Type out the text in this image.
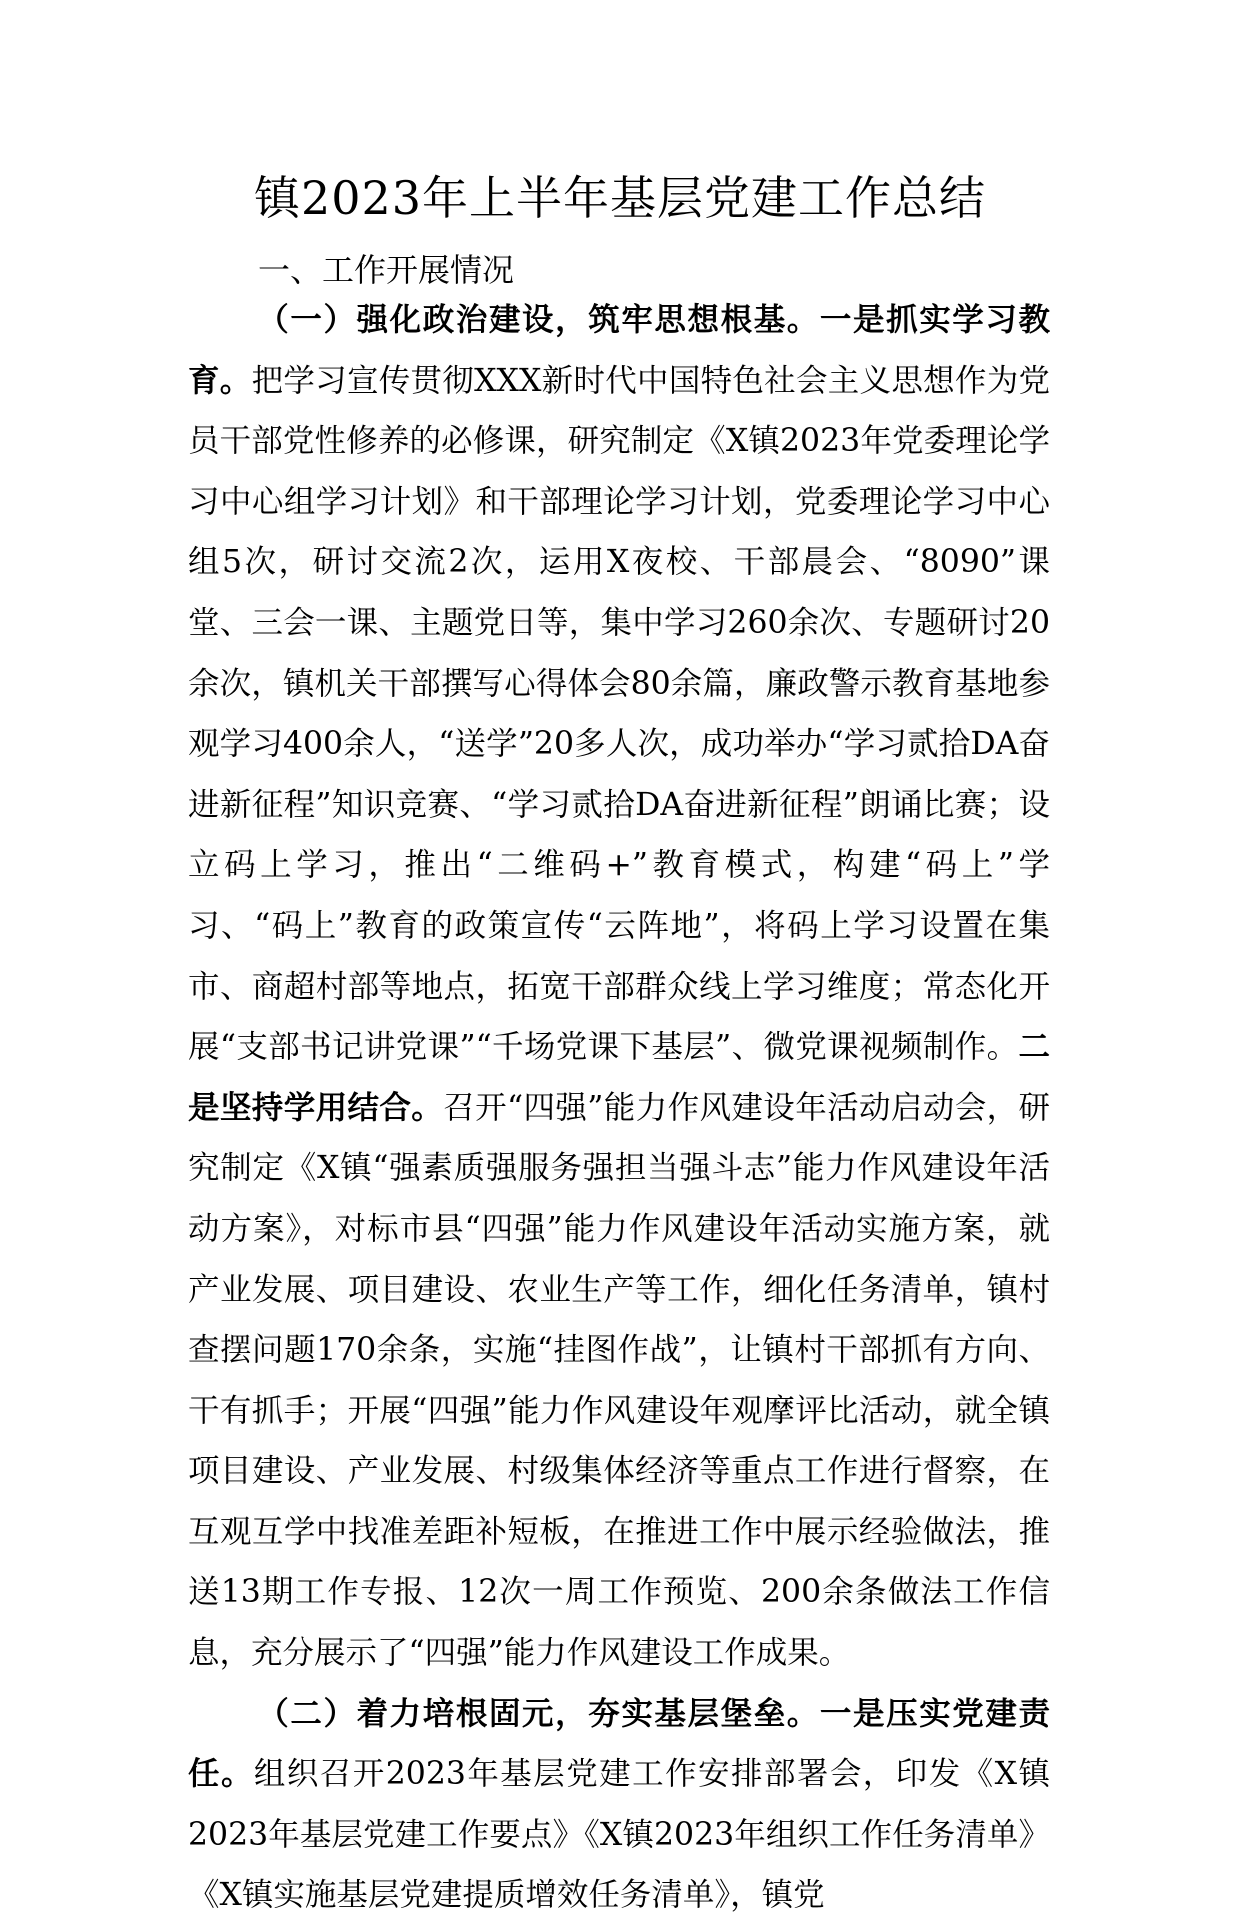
镇2023年上半年基层党建工作总结

一、工作开展情况

（一）强化政治建设，筑牢思想根基。一是抓实学习教育。把学习宣传贯彻XXX新时代中国特色社会主义思想作为党员干部党性修养的必修课，研究制定《X镇2023年党委理论学习中心组学习计划》和干部理论学习计划，党委理论学习中心组5次，研讨交流2次，运用X夜校、干部晨会、“8090”课堂、三会一课、主题党日等，集中学习260余次、专题研讨20余次，镇机关干部撰写心得体会80余篇，廉政警示教育基地参观学习400余人，“送学”20多人次，成功举办“学习贰拾DA奋进新征程”知识竞赛、“学习贰拾DA奋进新征程”朗诵比赛；设立码上学习，推出“二维码+”教育模式，构建“码上”学习、“码上”教育的政策宣传“云阵地”，将码上学习设置在集市、商超村部等地点，拓宽干部群众线上学习维度；常态化开展“支部书记讲党课”“千场党课下基层”、微党课视频制作。二是坚持学用结合。召开“四强”能力作风建设年活动启动会，研究制定《X镇“强素质强服务强担当强斗志”能力作风建设年活动方案》，对标市县“四强”能力作风建设年活动实施方案，就产业发展、项目建设、农业生产等工作，细化任务清单，镇村查摆问题170余条，实施“挂图作战”，让镇村干部抓有方向、干有抓手；开展“四强”能力作风建设年观摩评比活动，就全镇项目建设、产业发展、村级集体经济等重点工作进行督察，在互观互学中找准差距补短板，在推进工作中展示经验做法，推送13期工作专报、12次一周工作预览、200余条做法工作信息，充分展示了“四强”能力作风建设工作成果。

（二）着力培根固元，夯实基层堡垒。一是压实党建责任。组织召开2023年基层党建工作安排部署会，印发《X镇2023年基层党建工作要点》《X镇2023年组织工作任务清单》《X镇实施基层党建提质增效任务清单》，镇党
